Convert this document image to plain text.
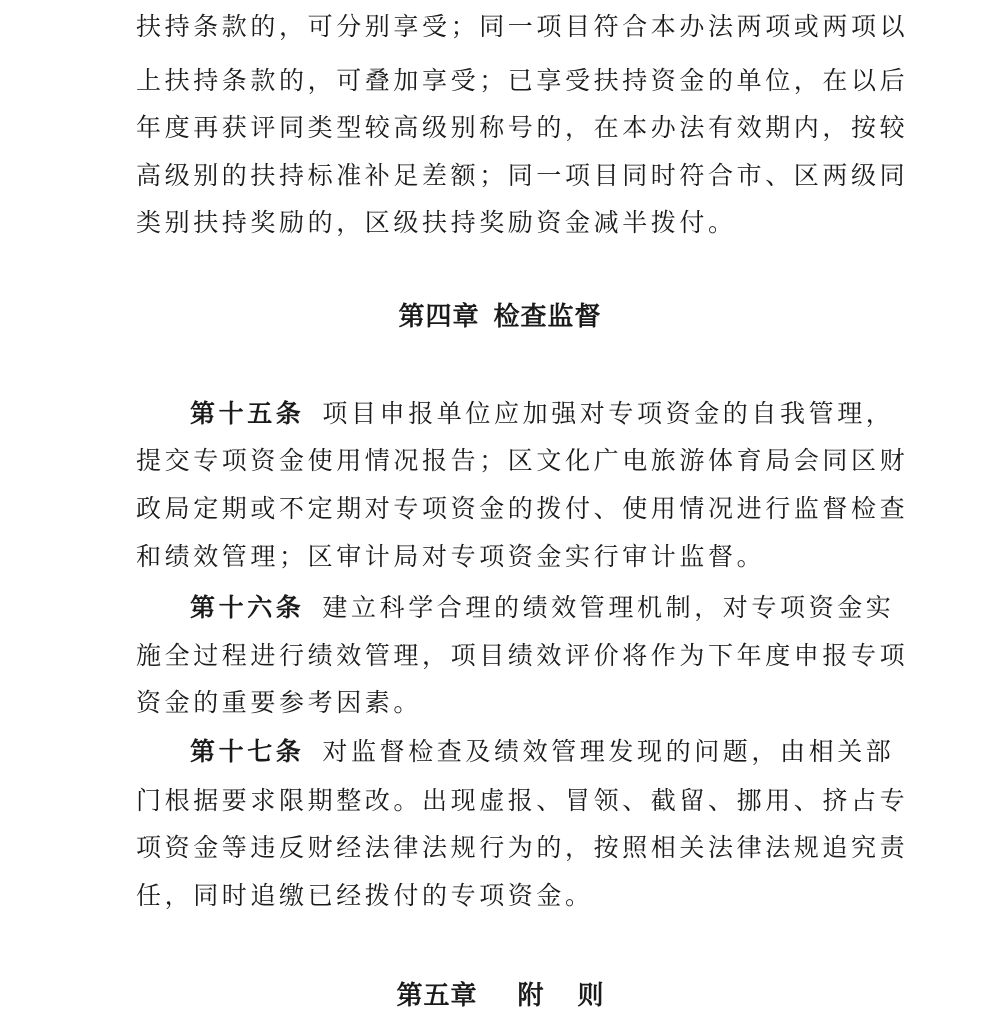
扶持条款的，可分别享受；同一项目符合本办法两项或两项以
上扶持条款的，可叠加享受；已享受扶持资金的单位，在以后
年度再获评同类型较高级别称号的，在本办法有效期内，按较
高级别的扶持标准补足差额；同一项目同时符合市、区两级同
类别扶持奖励的，区级扶持奖励资金减半拨付。
第四章 检查监督
第十五条 项目申报单位应加强对专项资金的自我管理，
提交专项资金使用情况报告；区文化广电旅游体育局会同区财
政局定期或不定期对专项资金的拨付、使用情况进行监督检查
和绩效管理；区审计局对专项资金实行审计监督。
第十六条 建立科学合理的绩效管理机制，对专项资金实
施全过程进行绩效管理，项目绩效评价将作为下年度申报专项
资金的重要参考因素。
第十七条 对监督检查及绩效管理发现的问题，由相关部
门根据要求限期整改。出现虚报、冒领、截留、挪用、挤占专
项资金等违反财经法律法规行为的，按照相关法律法规追究责
任，同时追缴已经拨付的专项资金。
第五章 附则
